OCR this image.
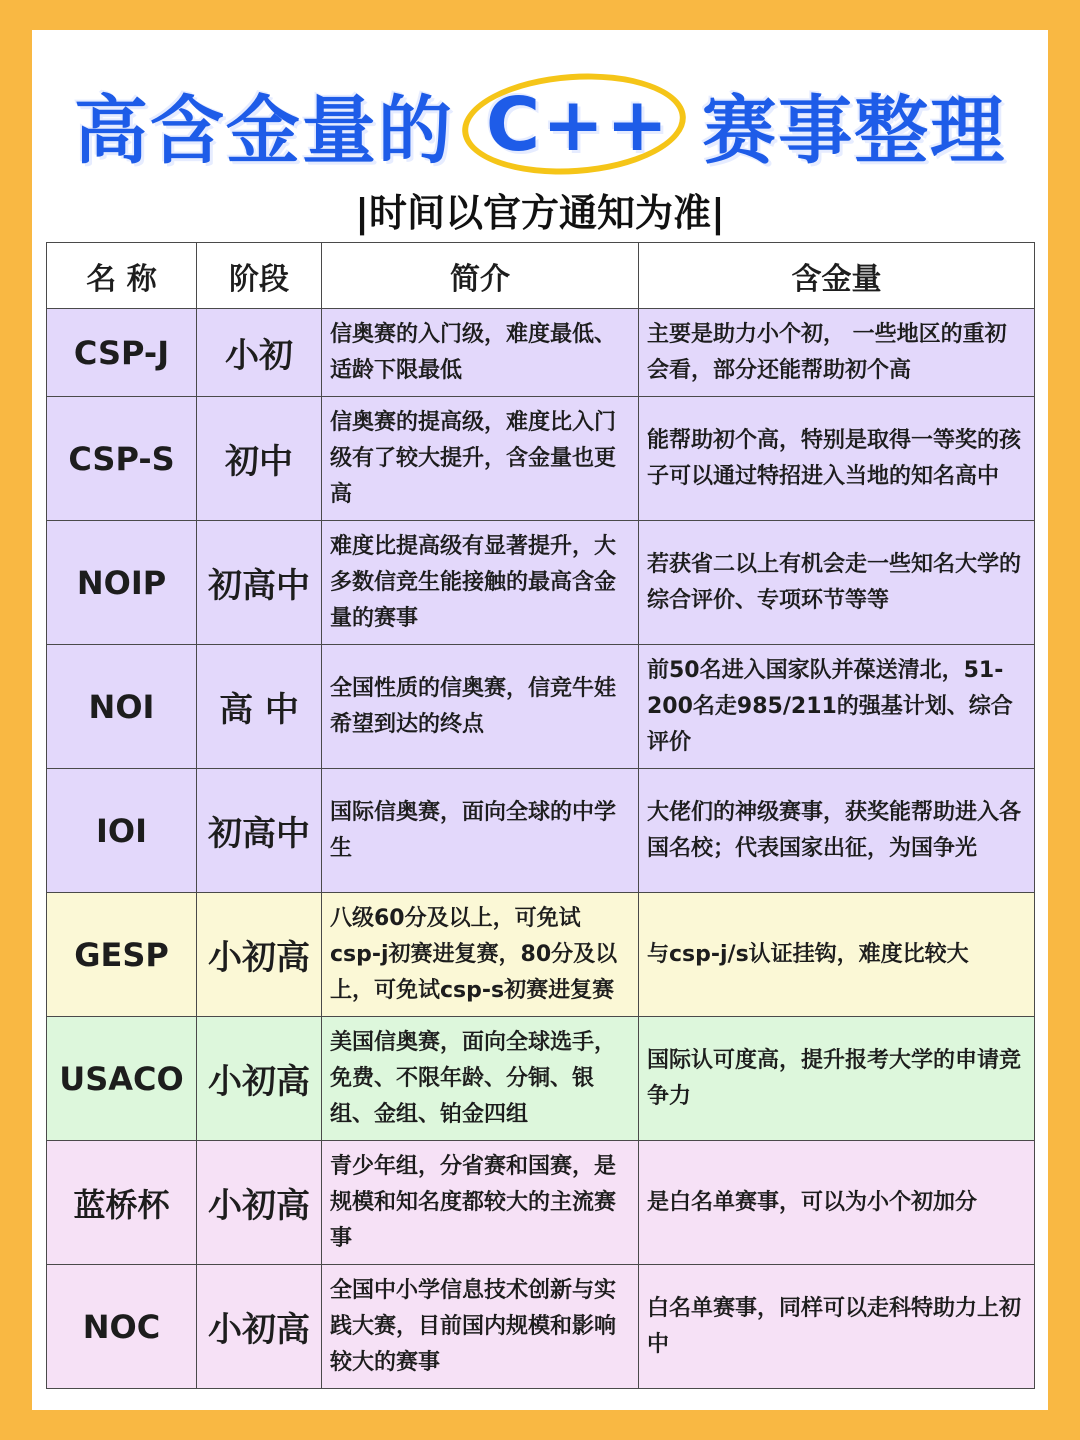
高含金量的 C++ 赛事整理
|时间以官方通知为准|
名 称	阶段	简介	含金量
CSP-J	小初	信奥赛的入门级，难度最低、适龄下限最低	主要是助力小个初， 一些地区的重初会看，部分还能帮助初个高
CSP-S	初中	信奥赛的提高级，难度比入门级有了较大提升，含金量也更高	能帮助初个高，特别是取得一等奖的孩子可以通过特招进入当地的知名高中
NOIP	初高中	难度比提高级有显著提升，大多数信竞生能接触的最高含金量的赛事	若获省二以上有机会走一些知名大学的综合评价、专项环节等等
NOI	高 中	全国性质的信奥赛，信竞牛娃希望到达的终点	前50名进入国家队并葆送清北，51-200名走985/211的强基计划、综合评价
IOI	初高中	国际信奥赛，面向全球的中学生	大佬们的神级赛事，获奖能帮助进入各国名校；代表国家出征，为国争光
GESP	小初高	八级60分及以上，可免试csp-j初赛进复赛，80分及以上，可免试csp-s初赛进复赛	与csp-j/s认证挂钩，难度比较大
USACO	小初高	美国信奥赛，面向全球选手，免费、不限年龄、分铜、银组、金组、铂金四组	国际认可度高，提升报考大学的申请竞争力
蓝桥杯	小初高	青少年组，分省赛和国赛，是规模和知名度都较大的主流赛事	是白名单赛事，可以为小个初加分
NOC	小初高	全国中小学信息技术创新与实践大赛，目前国内规模和影响较大的赛事	白名单赛事，同样可以走科特助力上初中
